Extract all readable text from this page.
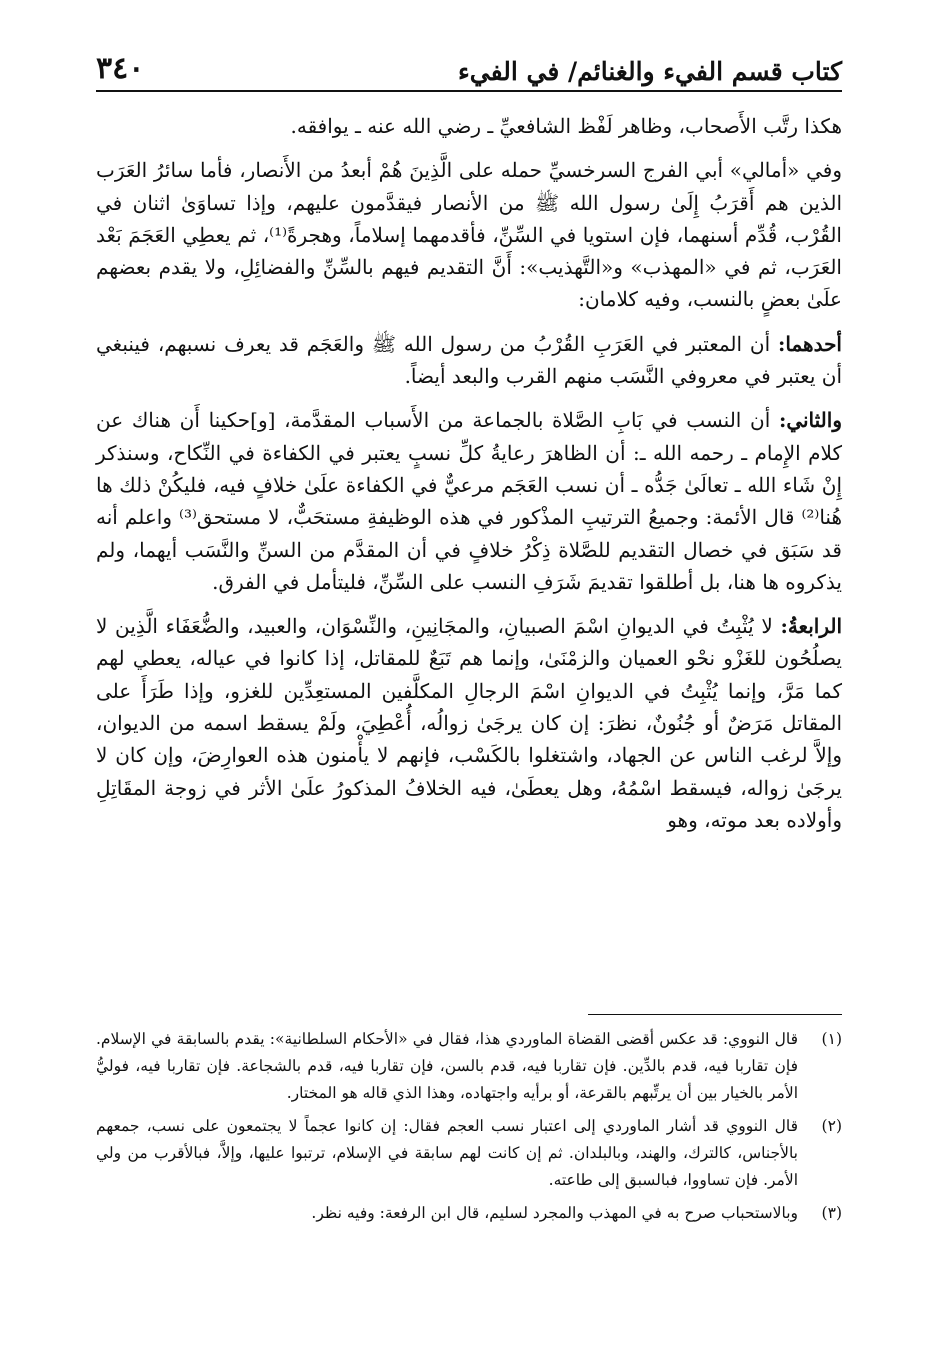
كتاب قسم الفيء والغنائم/ في الفيء
٣٤٠

هكذا رتَّب الأَصحاب، وظاهر لَفْظ الشافعيِّ ـ رضي الله عنه ـ يوافقه.

وفي «أمالي» أبي الفرج السرخسيِّ حمله على الَّذِينَ هُمْ أبعدُ من الأَنصار، فأما سائرُ العَرَب الذين هم أَقرَبُ إِلَىٰ رسول الله ﷺ من الأنصار فيقدَّمون عليهم، وإذا تساوَىٰ اثنان في القُرْب، قُدِّم أسنهما، فإن استويا في السِّنِّ، فأقدمهما إسلاماً، وهجرةً⁽¹⁾، ثم يعطِي العَجَمَ بَعْد العَرَب، ثم في «المهذب» و«التَّهذيب»: أَنَّ التقديم فيهم بالسِّنِّ والفضائِلِ، ولا يقدم بعضهم علَىٰ بعضٍ بالنسب، وفيه كلامان:

أحدهما: أن المعتبر في العَرَبِ القُرْبُ من رسول الله ﷺ والعَجَم قد يعرف نسبهم، فينبغي أن يعتبر في معروفي النَّسَب منهم القرب والبعد أيضاً.

والثاني: أن النسب في بَابِ الصَّلاة بالجماعة من الأَسباب المقدَّمة، [و]حكينا أَن هناك عن كلام الإِمام ـ رحمه الله ـ: أن الظاهرَ رعايةُ كلِّ نسبٍ يعتبر في الكفاءة في النِّكاح، وسنذكر إِنْ شَاء الله ـ تعالَىٰ جَدُّه ـ أن نسب العَجَم مرعيٌّ في الكفاءة علَىٰ خلافٍ فيه، فليكُنْ ذلك ها هُنا⁽²⁾ قال الأئمة: وجميعُ الترتيبِ المذْكور في هذه الوظيفةِ مستحَبٌّ، لا مستحق⁽³⁾ واعلم أنه قد سَبَق في خصال التقديم للصَّلاة ذِكْرُ خلافٍ في أن المقدَّم من السنِّ والنَّسَب أيهما، ولم يذكروه ها هنا، بل أطلقوا تقديمَ شَرَفِ النسب على السِّنِّ، فليتأمل في الفرق.

الرابعةُ: لا يُثْبِتُ في الديوانِ اسْمَ الصبيانِ، والمجَانِينِ، والنِّسْوَان، والعبيد، والضُّعَفَاء الَّذِين لا يصلُحُون للغَزْو نحْو العميان والزمْنَىٰ، وإنما هم تَبَعٌ للمقاتل، إذا كانوا في عياله، يعطي لهم كما مَرَّ، وإنما يُثْبِتُ في الديوانِ اسْمَ الرجالِ المكلَّفين المستعِدِّين للغزو، وإذا طَرَأَ على المقاتل مَرَضٌ أو جُنُونٌ، نظرَ: إن كان يرجَىٰ زوالُه، أُعْطِيَ، ولَمْ يسقط اسمه من الديوان، وإلاَّ لرغب الناس عن الجهاد، واشتغلوا بالكَسْب، فإنهم لا يأْمنون هذه العوارِضَ، وإن كان لا يرجَىٰ زواله، فيسقط اسْمُهُ، وهل يعطَىٰ، فيه الخلافُ المذكورُ علَىٰ الأثر في زوجة المقَاتِلِ وأولاده بعد موته، وهو

(١)
قال النووي: قد عكس أقضى القضاة الماوردي هذا، فقال في «الأحكام السلطانية»: يقدم بالسابقة في الإسلام. فإن تقاربا فيه، قدم بالدِّين. فإن تقاربا فيه، قدم بالسن، فإن تقاربا فيه، قدم بالشجاعة. فإن تقاربا فيه، فوليُّ الأمر بالخيار بين أن يرتِّبهم بالقرعة، أو برأيه واجتهاده، وهذا الذي قاله هو المختار.
(٢)
قال النووي قد أشار الماوردي إلى اعتبار نسب العجم فقال: إن كانوا عجماً لا يجتمعون على نسب، جمعهم بالأجناس، كالترك، والهند، وبالبلدان. ثم إن كانت لهم سابقة في الإسلام، ترتبوا عليها، وإلاَّ، فبالأقرب من ولي الأمر. فإن تساووا، فبالسبق إلى طاعته.
(٣)
وبالاستحباب صرح به في المهذب والمجرد لسليم، قال ابن الرفعة: وفيه نظر.
